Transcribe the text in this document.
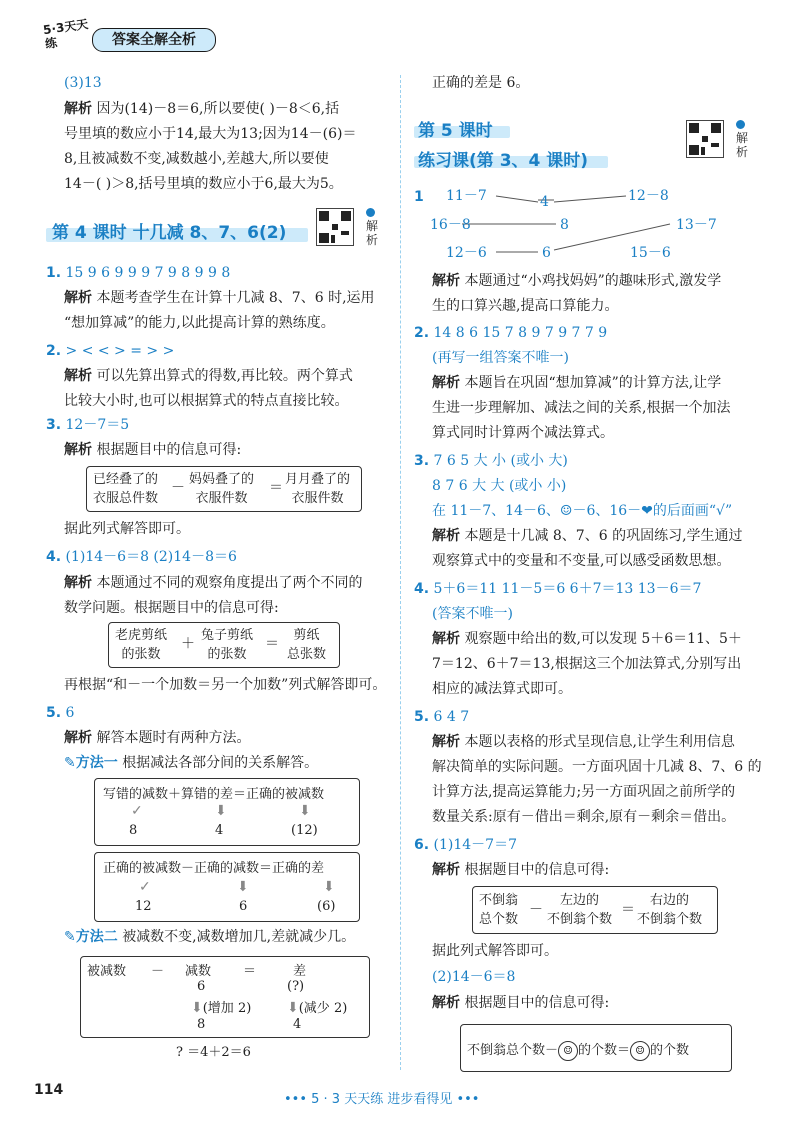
5·3天天练	答案全解全析
(3)13
解析 因为(14)－8＝6,所以要使( )－8＜6,括
号里填的数应小于14,最大为13;因为14－(6)＝
8,且被减数不变,减数越小,差越大,所以要使
14－( )＞8,括号里填的数应小于6,最大为5。
第 4 课时 十几减 8、7、6(2)	解析
1. 15 9 6 9 9 9 7 9 8 9 9 8
解析 本题考查学生在计算十几减 8、7、6 时,运用
“想加算减”的能力,以此提高计算的熟练度。
2. > < < > = > >
解析 可以先算出算式的得数,再比较。两个算式
比较大小时,也可以根据算式的特点直接比较。
3. 12－7＝5
解析 根据题目中的信息可得:
已经叠了的
衣服总件数
－
妈妈叠了的
衣服件数
＝
月月叠了的
衣服件数
据此列式解答即可。
4. (1)14－6＝8 (2)14－8＝6
解析 本题通过不同的观察角度提出了两个不同的
数学问题。根据题目中的信息可得:
老虎剪纸
的张数
＋
兔子剪纸
的张数
＝
剪纸
总张数
再根据“和－一个加数＝另一个加数”列式解答即可。
5. 6
解析 解答本题时有两种方法。
✎方法一 根据减法各部分间的关系解答。
写错的减数＋算错的差＝正确的被减数
✓	⬇	⬇
8	4	(12)
正确的被减数－正确的减数＝正确的差
✓	⬇	⬇
12	6	(6)
✎方法二 被减数不变,减数增加几,差就减少几。
被减数 － 减数 ＝	差
6	(?)
⬇(增加 2)	⬇(减少 2)
8	4
? ＝4＋2＝6
正确的差是 6。
第 5 课时
练习课(第 3、4 课时)
解析
1 11－7
16－8
12－6
4
8
6
12－8
13－7
15－6
解析 本题通过“小鸡找妈妈”的趣味形式,激发学
生的口算兴趣,提高口算能力。
2. 14 8 6 15 7 8 9 7 9 7 7 9
(再写一组答案不唯一)
解析 本题旨在巩固“想加算减”的计算方法,让学
生进一步理解加、减法之间的关系,根据一个加法
算式同时计算两个减法算式。
3. 7 6 5 大 小 (或小 大)
8 7 6 大 大 (或小 小)
在 11－7、14－6、☺－6、16－❤的后面画“√”
解析 本题是十几减 8、7、6 的巩固练习,学生通过
观察算式中的变量和不变量,可以感受函数思想。
4. 5＋6＝11 11－5＝6 6＋7＝13 13－6＝7
(答案不唯一)
解析 观察题中给出的数,可以发现 5＋6＝11、5＋
7＝12、6＋7＝13,根据这三个加法算式,分别写出
相应的减法算式即可。
5. 6 4 7
解析 本题以表格的形式呈现信息,让学生利用信息
解决简单的实际问题。一方面巩固十几减 8、7、6 的
计算方法,提高运算能力;另一方面巩固之前所学的
数量关系:原有－借出＝剩余,原有－剩余＝借出。
6. (1)14－7＝7
解析 根据题目中的信息可得:
不倒翁
总个数
－
左边的
不倒翁个数
＝
右边的
不倒翁个数
据此列式解答即可。
(2)14－6＝8
解析 根据题目中的信息可得:
不倒翁总个数－ ☺ 的个数＝ ☺ 的个数
114
••• 5 · 3 天天练 进步看得见 •••
